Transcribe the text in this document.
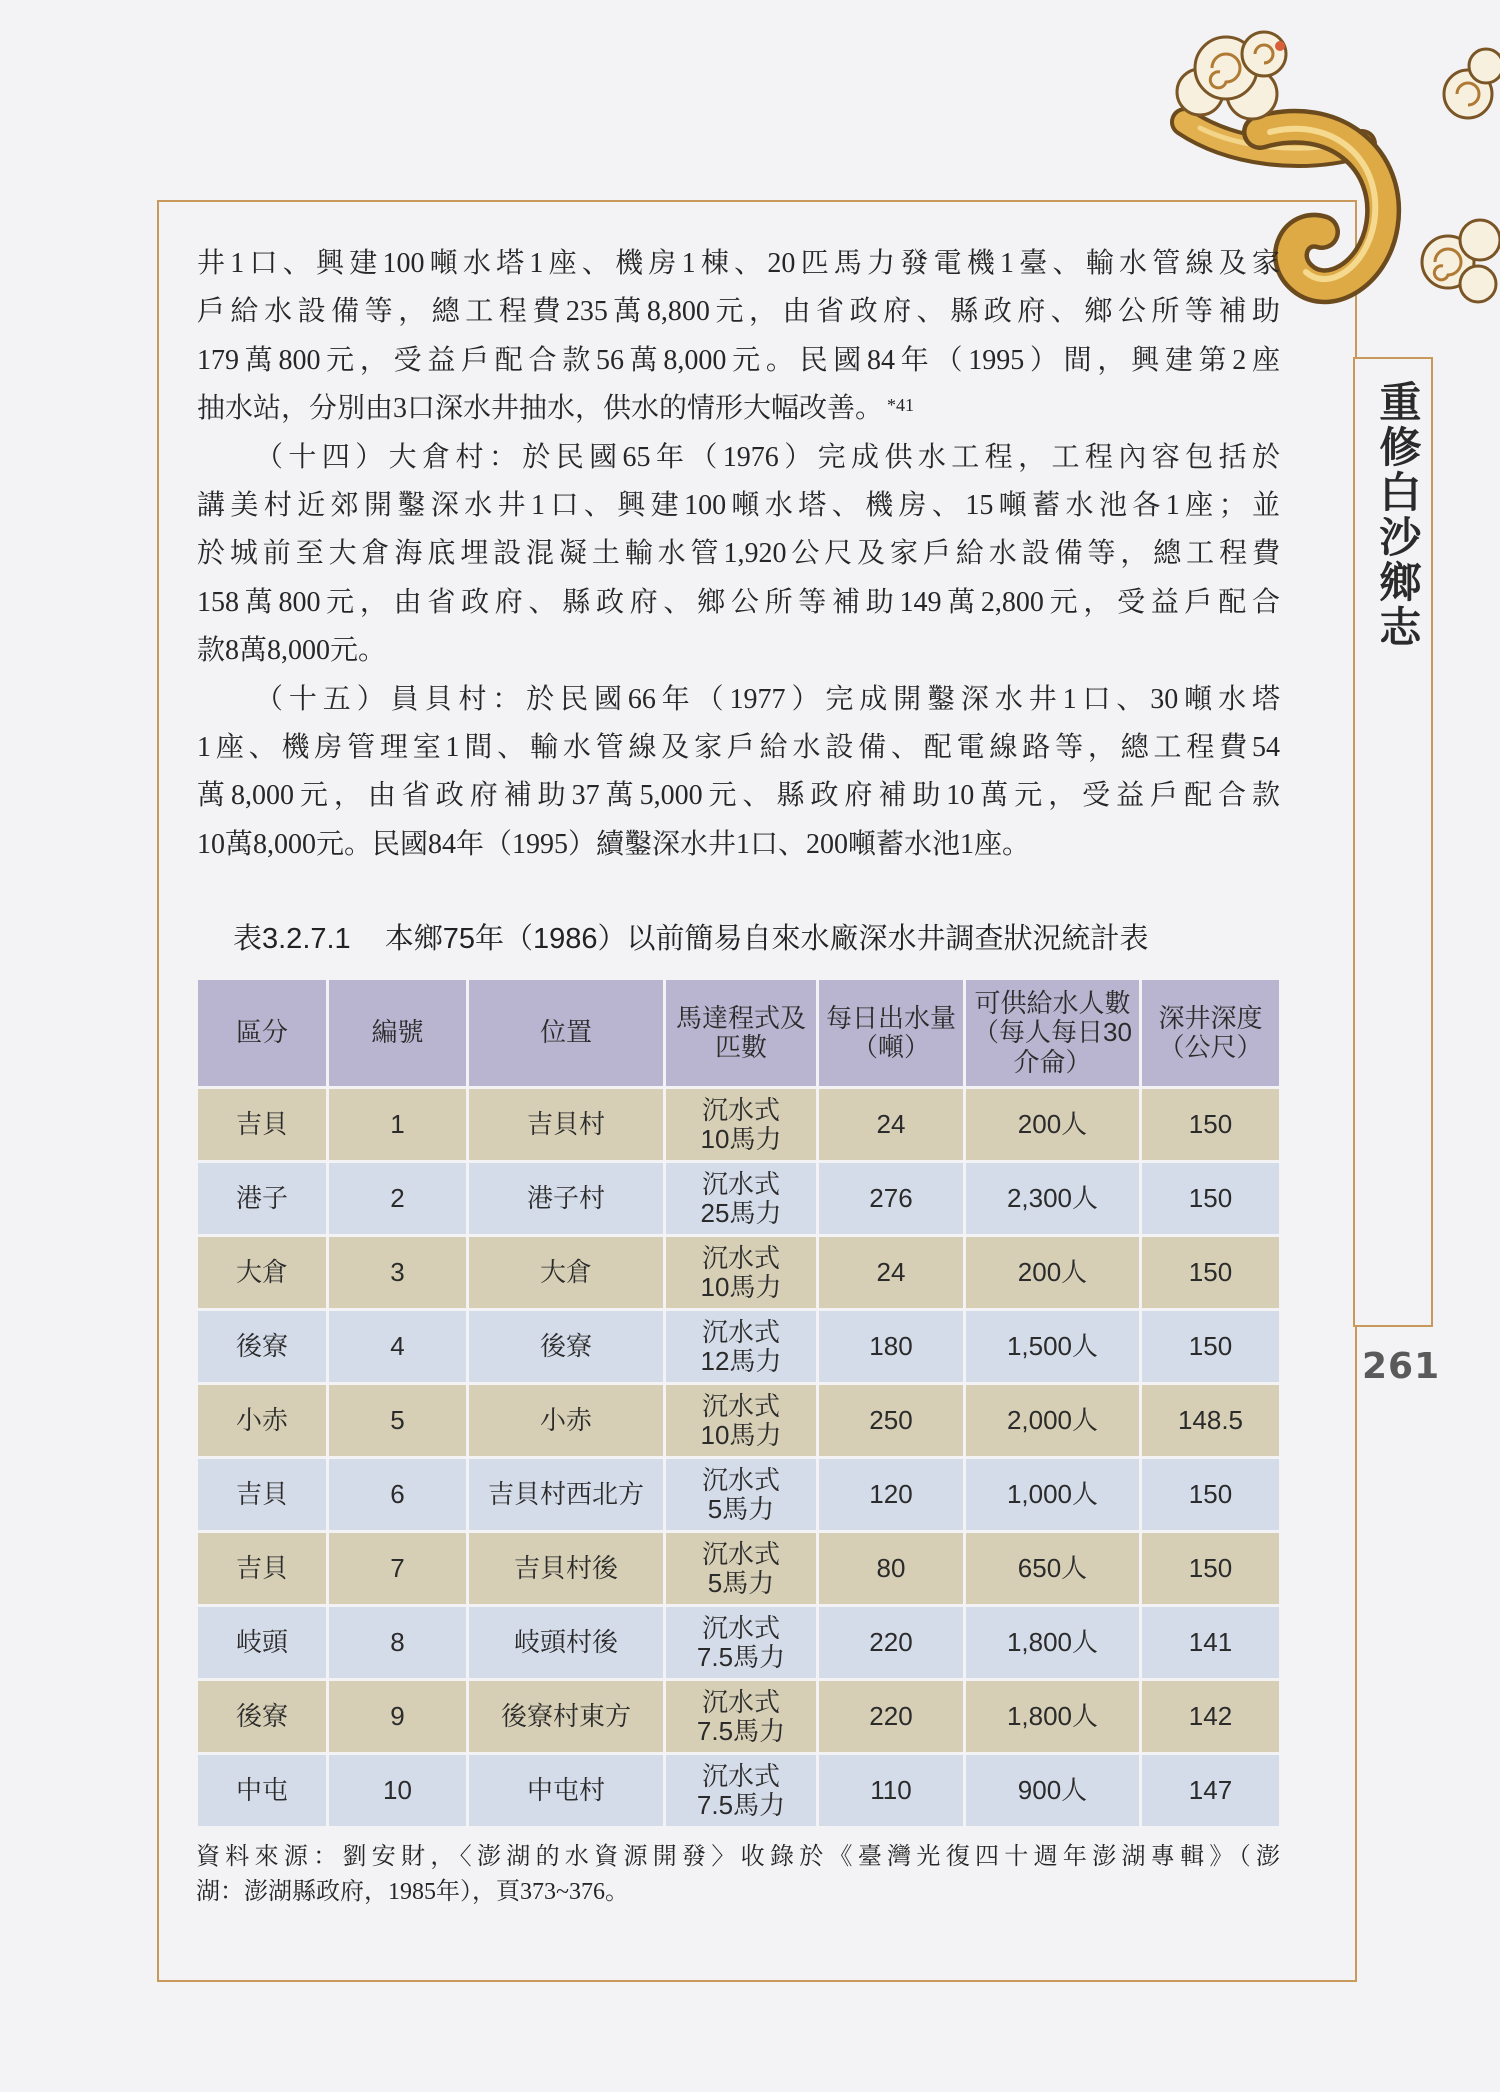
重修白沙鄉志
261
井1口、興建100噸水塔1座、機房1棟、20匹馬力發電機1臺、輸水管線及家
戶給水設備等，總工程費235萬8,800元，由省政府、縣政府、鄉公所等補助
179萬800元，受益戶配合款56萬8,000元。民國84年（1995）間，興建第2座
抽水站，分別由3口深水井抽水，供水的情形大幅改善。 $^{*41}$
（十四）大倉村：於民國65年（1976）完成供水工程，工程內容包括於
講美村近郊開鑿深水井1口、興建100噸水塔、機房、15噸蓄水池各1座；並
於城前至大倉海底埋設混凝土輸水管1,920公尺及家戶給水設備等，總工程費
158萬800元，由省政府、縣政府、鄉公所等補助149萬2,800元，受益戶配合
款8萬8,000元。
（十五）員貝村：於民國66年（1977）完成開鑿深水井1口、30噸水塔
1座、機房管理室1間、輸水管線及家戶給水設備、配電線路等，總工程費54
萬8,000元，由省政府補助37萬5,000元、縣政府補助10萬元，受益戶配合款
10萬8,000元。民國84年（1995）續鑿深水井1口、200噸蓄水池1座。
表3.2.7.1 本鄉75年（1986）以前簡易自來水廠深水井調查狀況統計表
區分	編號	位置	馬達程式及
匹數	每日出水量
（噸）	可供給水人數
（每人每日30
介侖）	深井深度
（公尺）
吉貝	1	吉貝村	沉水式
10馬力	24	200人	150
港子	2	港子村	沉水式
25馬力	276	2,300人	150
大倉	3	大倉	沉水式
10馬力	24	200人	150
後寮	4	後寮	沉水式
12馬力	180	1,500人	150
小赤	5	小赤	沉水式
10馬力	250	2,000人	148.5
吉貝	6	吉貝村西北方	沉水式
5馬力	120	1,000人	150
吉貝	7	吉貝村後	沉水式
5馬力	80	650人	150
岐頭	8	岐頭村後	沉水式
7.5馬力	220	1,800人	141
後寮	9	後寮村東方	沉水式
7.5馬力	220	1,800人	142
中屯	10	中屯村	沉水式
7.5馬力	110	900人	147
資料來源：劉安財，〈澎湖的水資源開發〉收錄於《臺灣光復四十週年澎湖專輯》（澎
湖：澎湖縣政府，1985年），頁373~376。
